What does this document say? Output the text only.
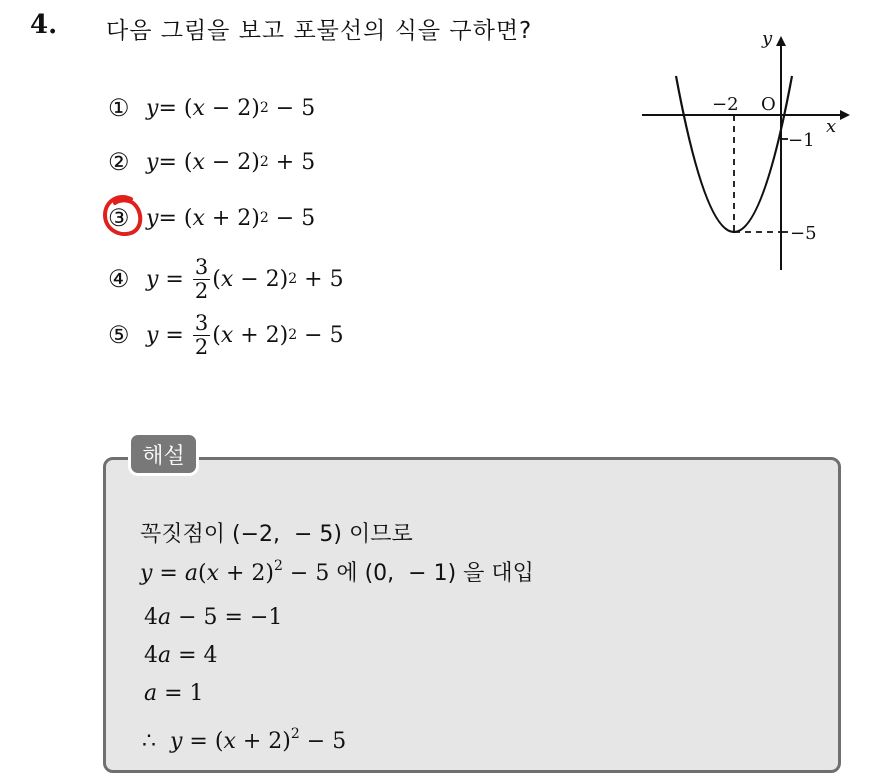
4. 다음 그림을 보고 포물선의 식을 구하면?
① y = ( x − 2) 2 − 5
② y = ( x − 2) 2 + 5
③ y = ( x + 2) 2 − 5
④ $y = \frac{3}{2}$ ( x − 2) 2 + 5
⑤ $y = \frac{3}{2}$ ( x + 2) 2 − 5
y
x
O
−2
−1
−5
해설

꼭짓점이 (−2,  − 5) 이므로

$y = a(x + 2)^2 - 5$ 에 (0,  − 1) 을 대입

4a − 5 = −1

4a = 4

a = 1

∴  $y = (x + 2)^2 - 5$
